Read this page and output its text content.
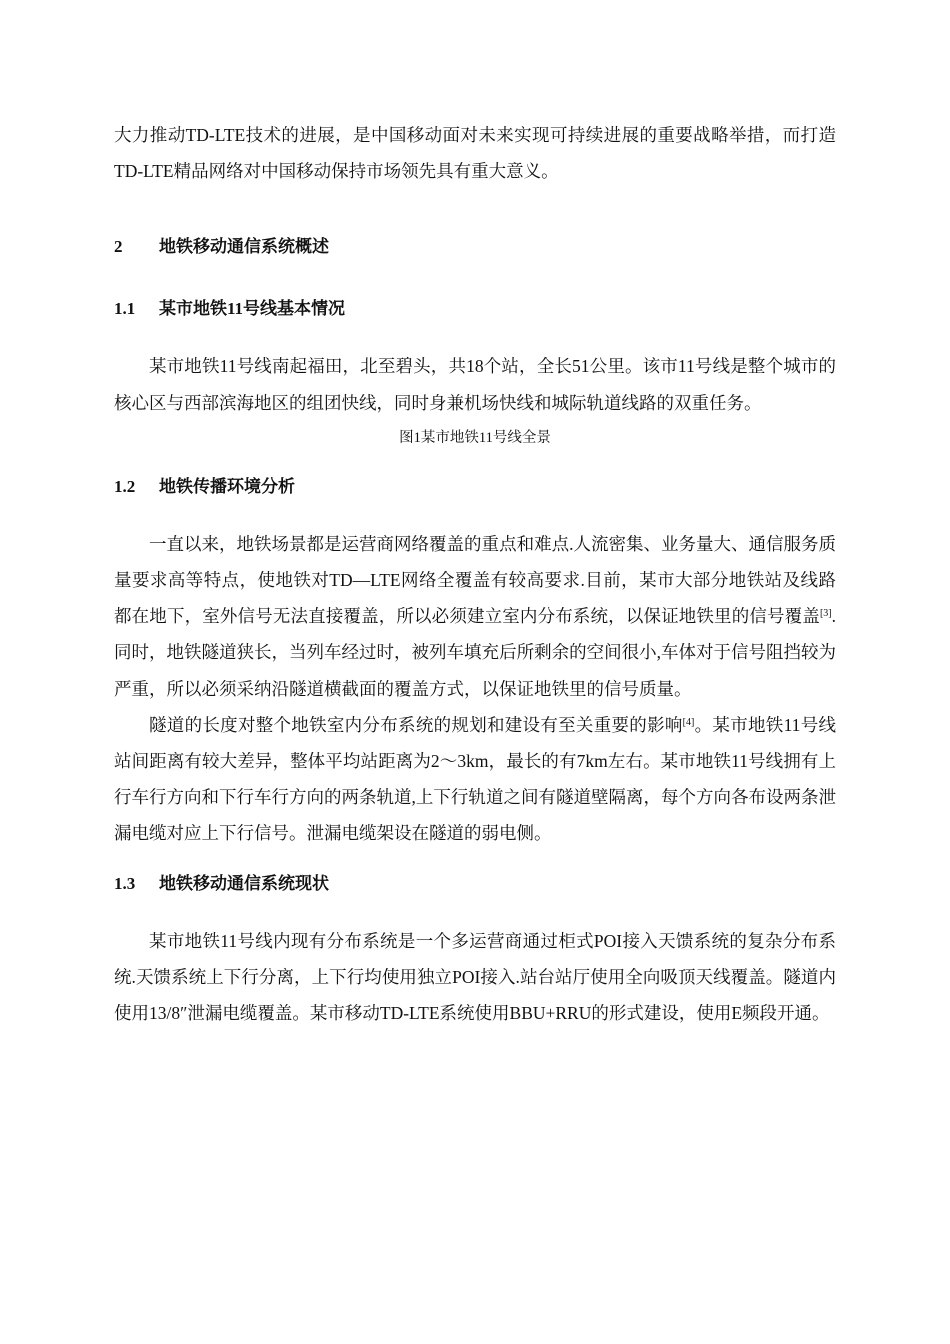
大力推动TD-LTE技术的进展，是中国移动面对未来实现可持续进展的重要战略举措，而打造TD-LTE精品网络对中国移动保持市场领先具有重大意义。

2 地铁移动通信系统概述
1.1 某市地铁11号线基本情况

某市地铁11号线南起福田，北至碧头，共18个站，全长51公里。该市11号线是整个城市的核心区与西部滨海地区的组团快线，同时身兼机场快线和城际轨道线路的双重任务。

图1某市地铁11号线全景
1.2 地铁传播环境分析

一直以来，地铁场景都是运营商网络覆盖的重点和难点.人流密集、业务量大、通信服务质量要求高等特点，使地铁对TD—LTE网络全覆盖有较高要求.目前，某市大部分地铁站及线路都在地下，室外信号无法直接覆盖，所以必须建立室内分布系统，以保证地铁里的信号覆盖[3].同时，地铁隧道狭长，当列车经过时，被列车填充后所剩余的空间很小,车体对于信号阻挡较为严重，所以必须采纳沿隧道横截面的覆盖方式，以保证地铁里的信号质量。

隧道的长度对整个地铁室内分布系统的规划和建设有至关重要的影响[4]。某市地铁11号线站间距离有较大差异，整体平均站距离为2～3km，最长的有7km左右。某市地铁11号线拥有上行车行方向和下行车行方向的两条轨道,上下行轨道之间有隧道壁隔离，每个方向各布设两条泄漏电缆对应上下行信号。泄漏电缆架设在隧道的弱电侧。

1.3 地铁移动通信系统现状

某市地铁11号线内现有分布系统是一个多运营商通过柜式POI接入天馈系统的复杂分布系统.天馈系统上下行分离，上下行均使用独立POI接入.站台站厅使用全向吸顶天线覆盖。隧道内使用13/8″泄漏电缆覆盖。某市移动TD-LTE系统使用BBU+RRU的形式建设，使用E频段开通。
